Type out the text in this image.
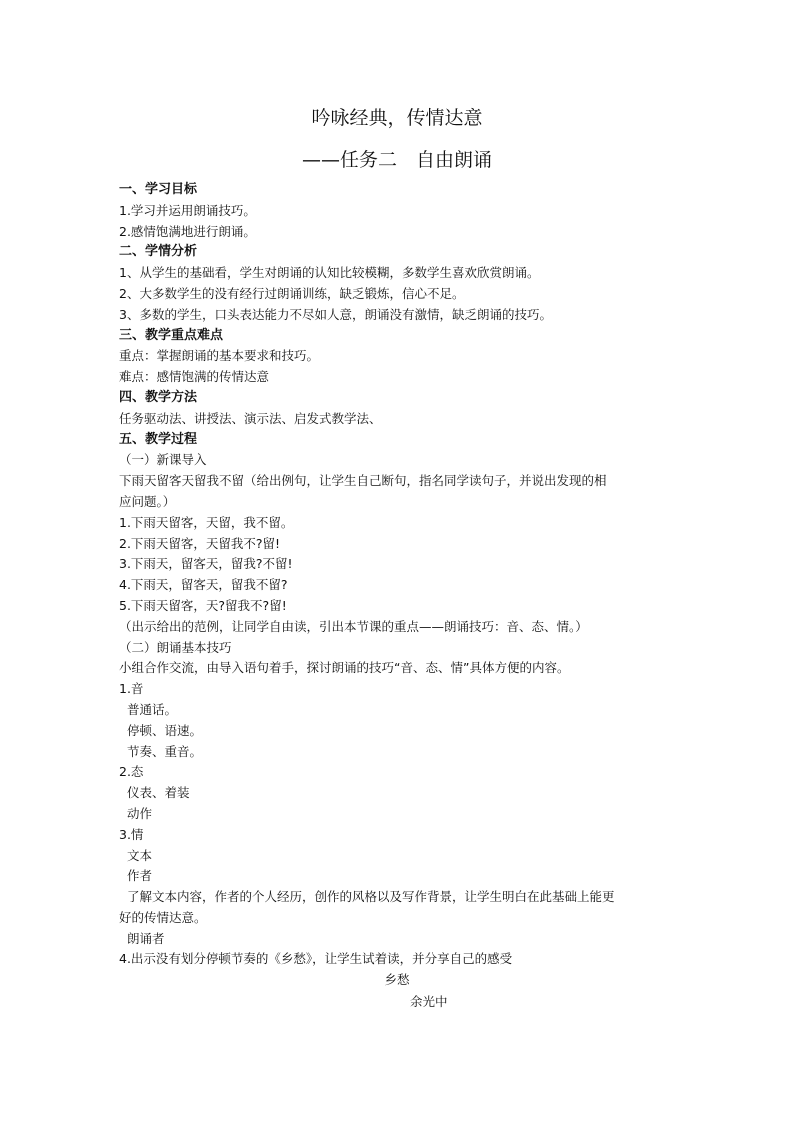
吟咏经典，传情达意
——任务二　自由朗诵
一、学习目标
1.学习并运用朗诵技巧。
2.感情饱满地进行朗诵。
二、学情分析
1、从学生的基础看，学生对朗诵的认知比较模糊，多数学生喜欢欣赏朗诵。
2、大多数学生的没有经行过朗诵训练，缺乏锻炼，信心不足。
3、多数的学生，口头表达能力不尽如人意，朗诵没有激情，缺乏朗诵的技巧。
三、教学重点难点
重点：掌握朗诵的基本要求和技巧。
难点：感情饱满的传情达意
四、教学方法
任务驱动法、讲授法、演示法、启发式教学法、
五、教学过程
（一）新课导入
下雨天留客天留我不留（给出例句，让学生自己断句，指名同学读句子，并说出发现的相
应问题。）
1.下雨天留客，天留，我不留。
2.下雨天留客，天留我不?留!
3.下雨天，留客天，留我?不留!
4.下雨天，留客天，留我不留?
5.下雨天留客，天?留我不?留!
（出示给出的范例，让同学自由读，引出本节课的重点——朗诵技巧：音、态、情。）
（二）朗诵基本技巧
小组合作交流，由导入语句着手，探讨朗诵的技巧“音、态、情”具体方便的内容。
1.音
普通话。
停顿、语速。
节奏、重音。
2.态
仪表、着装
动作
3.情
文本
作者
了解文本内容，作者的个人经历，创作的风格以及写作背景，让学生明白在此基础上能更
好的传情达意。
朗诵者
4.出示没有划分停顿节奏的《乡愁》，让学生试着读，并分享自己的感受
乡愁
余光中
